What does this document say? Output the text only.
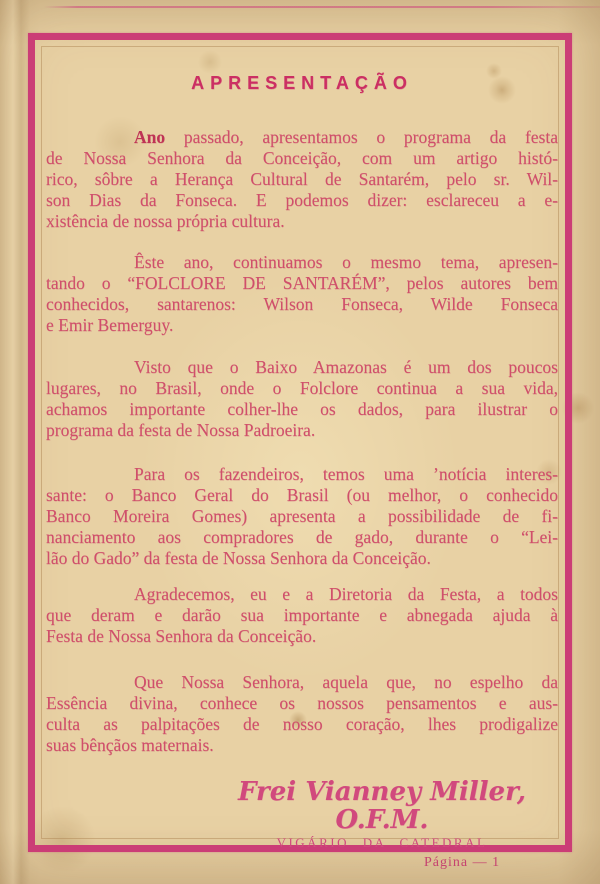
APRESENTAÇÃO
Ano passado, apresentamos o programa da festa
de Nossa Senhora da Conceição, com um artigo histó-
rico, sôbre a Herança Cultural de Santarém, pelo sr. Wil-
son Dias da Fonseca. E podemos dizer: esclareceu a e-
xistência de nossa própria cultura.
Êste ano, continuamos o mesmo tema, apresen-
tando o “FOLCLORE DE SANTARÉM”, pelos autores bem
conhecidos, santarenos: Wilson Fonseca, Wilde Fonseca
e Emir Bemerguy.
Visto que o Baixo Amazonas é um dos poucos
lugares, no Brasil, onde o Folclore continua a sua vida,
achamos importante colher-lhe os dados, para ilustrar o
programa da festa de Nossa Padroeira.
Para os fazendeiros, temos uma ’notícia interes-
sante: o Banco Geral do Brasil (ou melhor, o conhecido
Banco Moreira Gomes) apresenta a possibilidade de fi-
nanciamento aos compradores de gado, durante o “Lei-
lão do Gado” da festa de Nossa Senhora da Conceição.
Agradecemos, eu e a Diretoria da Festa, a todos
que deram e darão sua importante e abnegada ajuda à
Festa de Nossa Senhora da Conceição.
Que Nossa Senhora, aquela que, no espelho da
Essência divina, conhece os nossos pensamentos e aus-
culta as palpitações de nosso coração, lhes prodigalize
suas bênçãos maternais.
Frei Vianney Miller, O.F.M.
VIGÁRIO DA CATEDRAL
Página — 1
